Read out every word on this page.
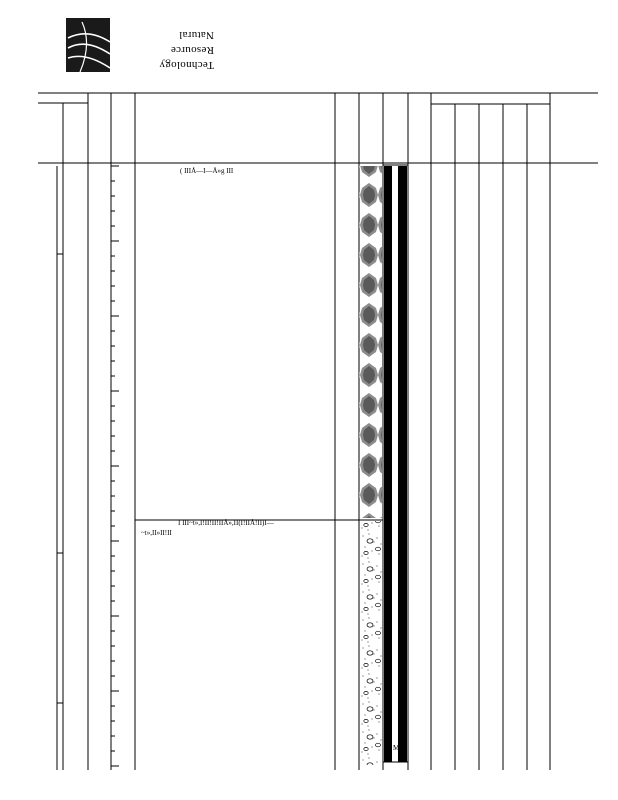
Technology
Resource
Natural
M
( IIIÅ—I—Å»g III
I III~t»,I!II!II!IIÅ»,II(I!IIÅ!II)I—
~t»,II»II!II
